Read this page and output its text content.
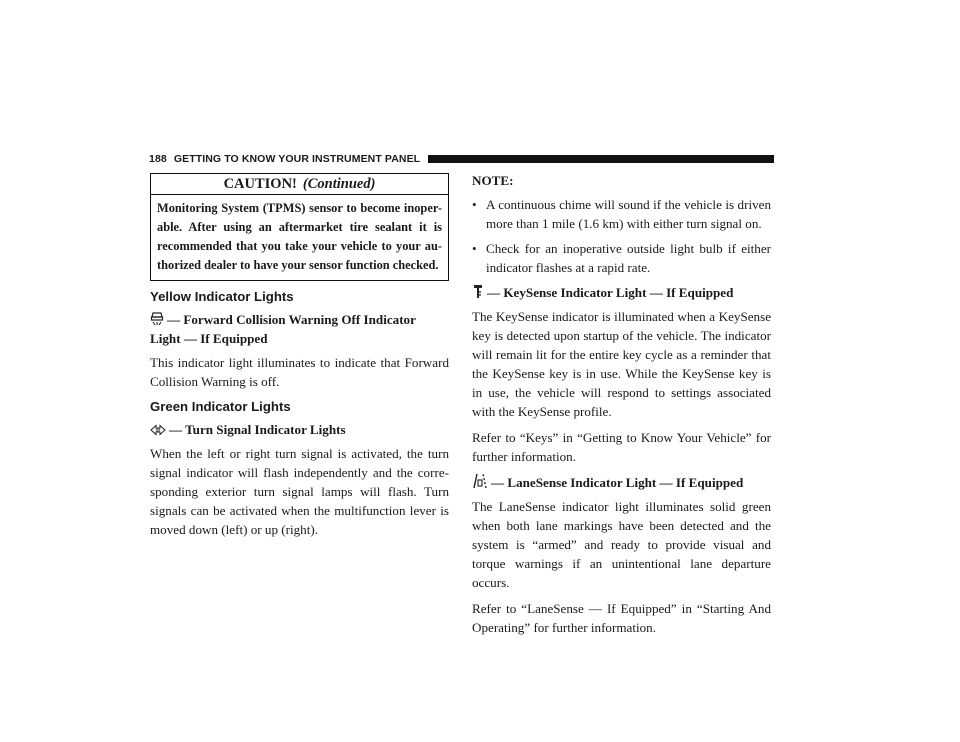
188 GETTING TO KNOW YOUR INSTRUMENT PANEL
CAUTION! (Continued)
Monitoring System (TPMS) sensor to become inoper-able. After using an aftermarket tire sealant it is recommended that you take your vehicle to your au-thorized dealer to have your sensor function checked.
Yellow Indicator Lights
— Forward Collision Warning Off Indicator Light — If Equipped

This indicator light illuminates to indicate that Forward Collision Warning is off.

Green Indicator Lights
— Turn Signal Indicator Lights

When the left or right turn signal is activated, the turn signal indicator will flash independently and the corre-sponding exterior turn signal lamps will flash. Turn signals can be activated when the multifunction lever is moved down (left) or up (right).

NOTE:
• A continuous chime will sound if the vehicle is driven more than 1 mile (1.6 km) with either turn signal on.
• Check for an inoperative outside light bulb if either indicator flashes at a rapid rate.
— KeySense Indicator Light — If Equipped

The KeySense indicator is illuminated when a KeySense key is detected upon startup of the vehicle. The indicator will remain lit for the entire key cycle as a reminder that the KeySense key is in use. While the KeySense key is in use, the vehicle will respond to settings associated with the KeySense profile.

Refer to “Keys” in “Getting to Know Your Vehicle” for further information.

— LaneSense Indicator Light — If Equipped

The LaneSense indicator light illuminates solid green when both lane markings have been detected and the system is “armed” and ready to provide visual and torque warnings if an unintentional lane departure occurs.

Refer to “LaneSense — If Equipped” in “Starting And Operating” for further information.
